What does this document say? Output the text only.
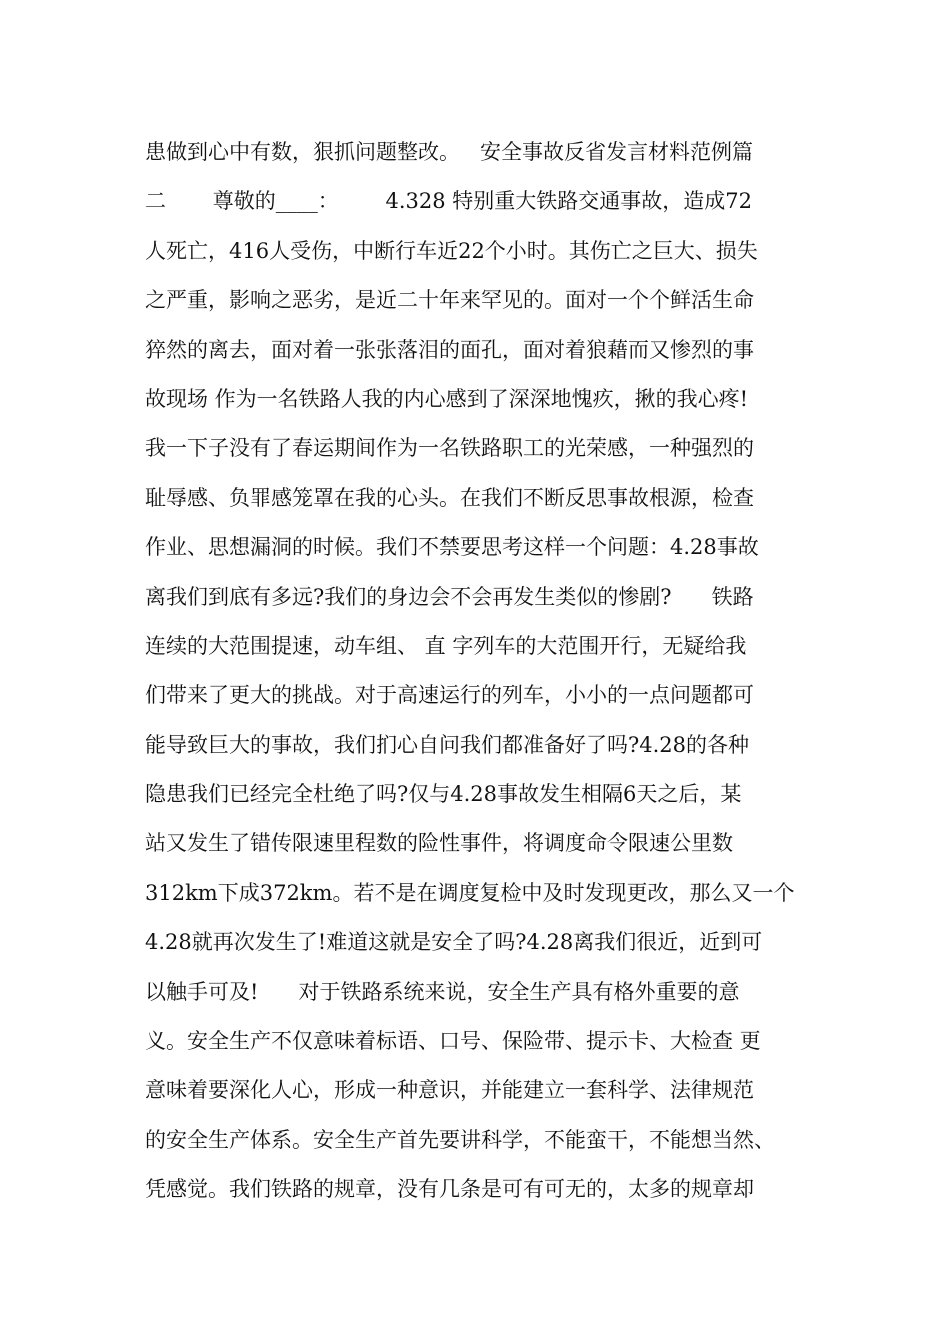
患做到心中有数，狠抓问题整改。   安全事故反省发言材料范例篇
二       尊敬的____：       4.328 特别重大铁路交通事故，造成72
人死亡，416人受伤，中断行车近22个小时。其伤亡之巨大、损失
之严重，影响之恶劣，是近二十年来罕见的。面对一个个鲜活生命
猝然的离去，面对着一张张落泪的面孔，面对着狼藉而又惨烈的事
故现场 作为一名铁路人我的内心感到了深深地愧疚，揪的我心疼!
我一下子没有了春运期间作为一名铁路职工的光荣感，一种强烈的
耻辱感、负罪感笼罩在我的心头。在我们不断反思事故根源，检查
作业、思想漏洞的时候。我们不禁要思考这样一个问题：4.28事故
离我们到底有多远?我们的身边会不会再发生类似的惨剧?      铁路
连续的大范围提速，动车组、 直 字列车的大范围开行，无疑给我
们带来了更大的挑战。对于高速运行的列车，小小的一点问题都可
能导致巨大的事故，我们扪心自问我们都准备好了吗?4.28的各种
隐患我们已经完全杜绝了吗?仅与4.28事故发生相隔6天之后，某
站又发生了错传限速里程数的险性事件，将调度命令限速公里数
312km下成372km。若不是在调度复检中及时发现更改，那么又一个
4.28就再次发生了!难道这就是安全了吗?4.28离我们很近，近到可
以触手可及!      对于铁路系统来说，安全生产具有格外重要的意
义。安全生产不仅意味着标语、口号、保险带、提示卡、大检查 更
意味着要深化人心，形成一种意识，并能建立一套科学、法律规范
的安全生产体系。安全生产首先要讲科学，不能蛮干，不能想当然、
凭感觉。我们铁路的规章，没有几条是可有可无的，太多的规章却
